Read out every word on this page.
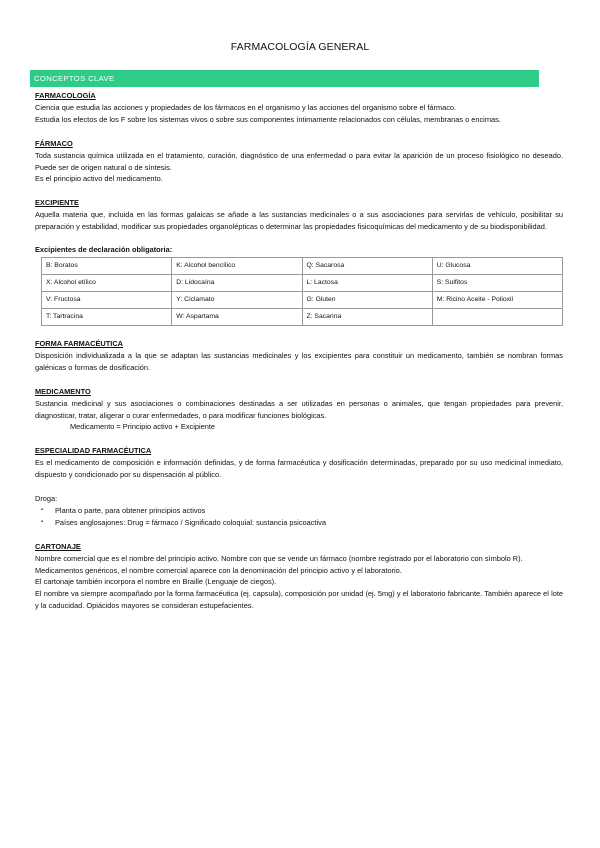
FARMACOLOGÍA GENERAL
CONCEPTOS CLAVE
FARMACOLOGÍA
Ciencia que estudia las acciones y propiedades de los fármacos en el organismo y las acciones del organismo sobre el fármaco.
Estudia los efectos de los F sobre los sistemas vivos o sobre sus componentes íntimamente relacionados con células, membranas o encimas.
FÁRMACO
Toda sustancia química utilizada en el tratamiento, curación, diagnóstico de una enfermedad o para evitar la aparición de un proceso fisiológico no deseado. Puede ser de origen natural o de síntesis.
Es el principio activo del medicamento.
EXCIPIENTE
Aquella materia que, incluida en las formas galaicas se añade a las sustancias medicinales o a sus asociaciones para servirlas de vehículo, posibilitar su preparación y estabilidad, modificar sus propiedades organolépticas o determinar las propiedades fisicoquímicas del medicamento y de su biodisponibilidad.
Excipientes de declaración obligatoria:
B: Boratos	K: Alcohol bencílico	Q: Sacarosa	U: Glucosa
X: Alcohol etílico	D: Lidocaína	L: Lactosa	S: Sulfitos
V: Fructosa	Y: Ciclamato	G: Gluten	M: Ricino Aceite - Polioxil
T: Tartracina	W: Aspartama	Z: Sacarina	
FORMA FARMACÉUTICA
Disposición individualizada a la que se adaptan las sustancias medicinales y los excipientes para constituir un medicamento, también se nombran formas galénicas o formas de dosificación.
MEDICAMENTO
Sustancia medicinal y sus asociaciones o combinaciones destinadas a ser utilizadas en personas o animales, que tengan propiedades para prevenir, diagnosticar, tratar, aligerar o curar enfermedades, o para modificar funciones biológicas.
Medicamento = Principio activo + Excipiente
ESPECIALIDAD FARMACÉUTICA
Es el medicamento de composición e información definidas, y de forma farmacéutica y dosificación determinadas, preparado por su uso medicinal inmediato, dispuesto y condicionado por su dispensación al público.
Droga:
▪ Planta o parte, para obtener principios activos
▪ Países anglosajones: Drug = fármaco / Significado coloquial: sustancia psicoactiva
CARTONAJE
Nombre comercial que es el nombre del principio activo. Nombre con que se vende un fármaco (nombre registrado por el laboratorio con símbolo R).
Medicamentos genéricos, el nombre comercial aparece con la denominación del principio activo y el laboratorio.
El cartonaje también incorpora el nombre en Braille (Lenguaje de ciegos).
El nombre va siempre acompañado por la forma farmacéutica (ej. capsula), composición por unidad (ej. 5mg) y el laboratorio fabricante. También aparece el lote y la caducidad. Opiácidos mayores se consideran estupefacientes.
